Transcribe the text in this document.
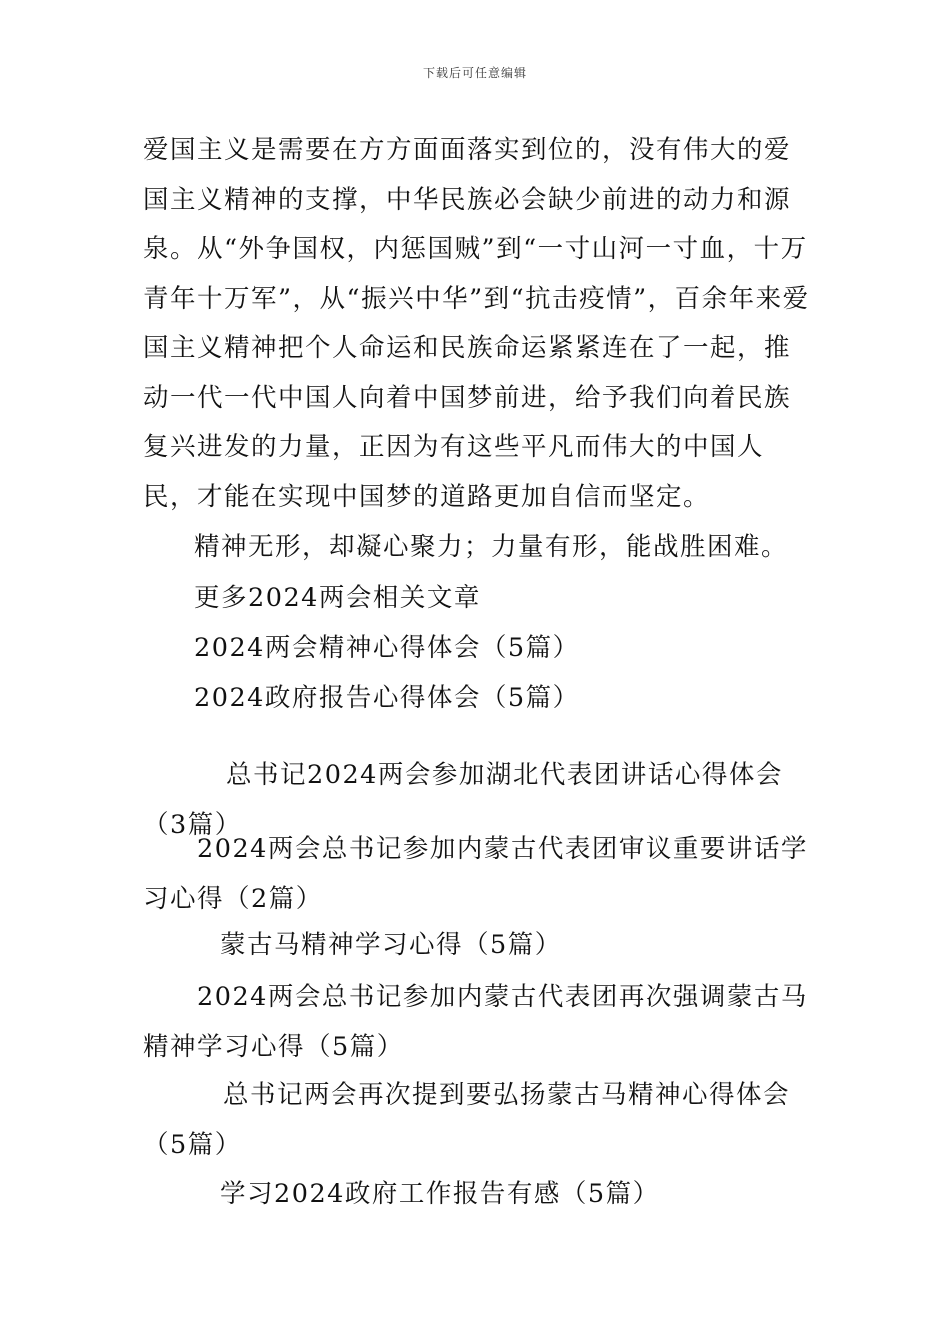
下载后可任意编辑
爱国主义是需要在方方面面落实到位的，没有伟大的爱国主义精神的支撑，中华民族必会缺少前进的动力和源泉。从“外争国权，内惩国贼”到“一寸山河一寸血，十万青年十万军”，从“振兴中华”到“抗击疫情”，百余年来爱国主义精神把个人命运和民族命运紧紧连在了一起，推动一代一代中国人向着中国梦前进，给予我们向着民族复兴进发的力量，正因为有这些平凡而伟大的中国人民，才能在实现中国梦的道路更加自信而坚定。
精神无形，却凝心聚力；力量有形，能战胜困难。
更多2024两会相关文章
2024两会精神心得体会（5篇）
2024政府报告心得体会（5篇）
总书记2024两会参加湖北代表团讲话心得体会（3篇）
2024两会总书记参加内蒙古代表团审议重要讲话学习心得（2篇）
蒙古马精神学习心得（5篇）
2024两会总书记参加内蒙古代表团再次强调蒙古马精神学习心得（5篇）
总书记两会再次提到要弘扬蒙古马精神心得体会（5篇）
学习2024政府工作报告有感（5篇）
